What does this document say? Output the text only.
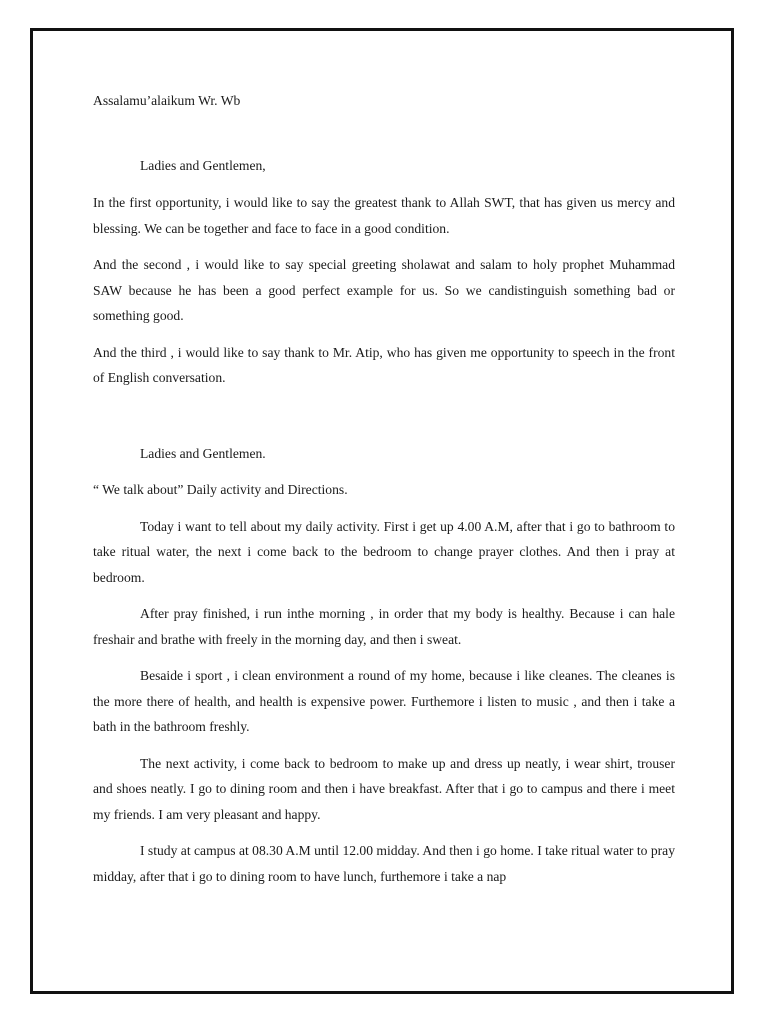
Assalamu’alaikum Wr. Wb

Ladies and Gentlemen,

In the first opportunity, i would like to say the greatest thank to Allah SWT, that has given us mercy and blessing. We can be together and face to face in a good condition.

And the second , i would like to say special greeting sholawat and salam to holy prophet Muhammad SAW because he has been a good perfect example for us. So we candistinguish something bad or something good.

And the third , i would like to say thank to Mr. Atip, who has given me opportunity to speech in the front of English conversation.

Ladies and Gentlemen.

“ We talk about” Daily activity and Directions.

Today i want to tell about my daily activity. First i get up 4.00 A.M, after that i go to bathroom to take ritual water, the next i come back to the bedroom to change prayer clothes. And then i pray at bedroom.

After pray finished, i run inthe morning , in order that my body is healthy. Because i can hale freshair and brathe with freely in the morning day, and then i sweat.

Besaide i sport , i clean environment a round of my home, because i like cleanes. The cleanes is the more there of health, and health is expensive power. Furthemore i listen to music , and then i take a bath in the bathroom freshly.

The next activity, i come back to bedroom to make up and dress up neatly, i wear shirt, trouser and shoes neatly. I go to dining room and then i have breakfast. After that i go to campus and there i meet my friends. I am very pleasant and happy.

I study at campus at 08.30 A.M until 12.00 midday. And then i go home. I take ritual water to pray midday, after that i go to dining room to have lunch, furthemore i take a nap
